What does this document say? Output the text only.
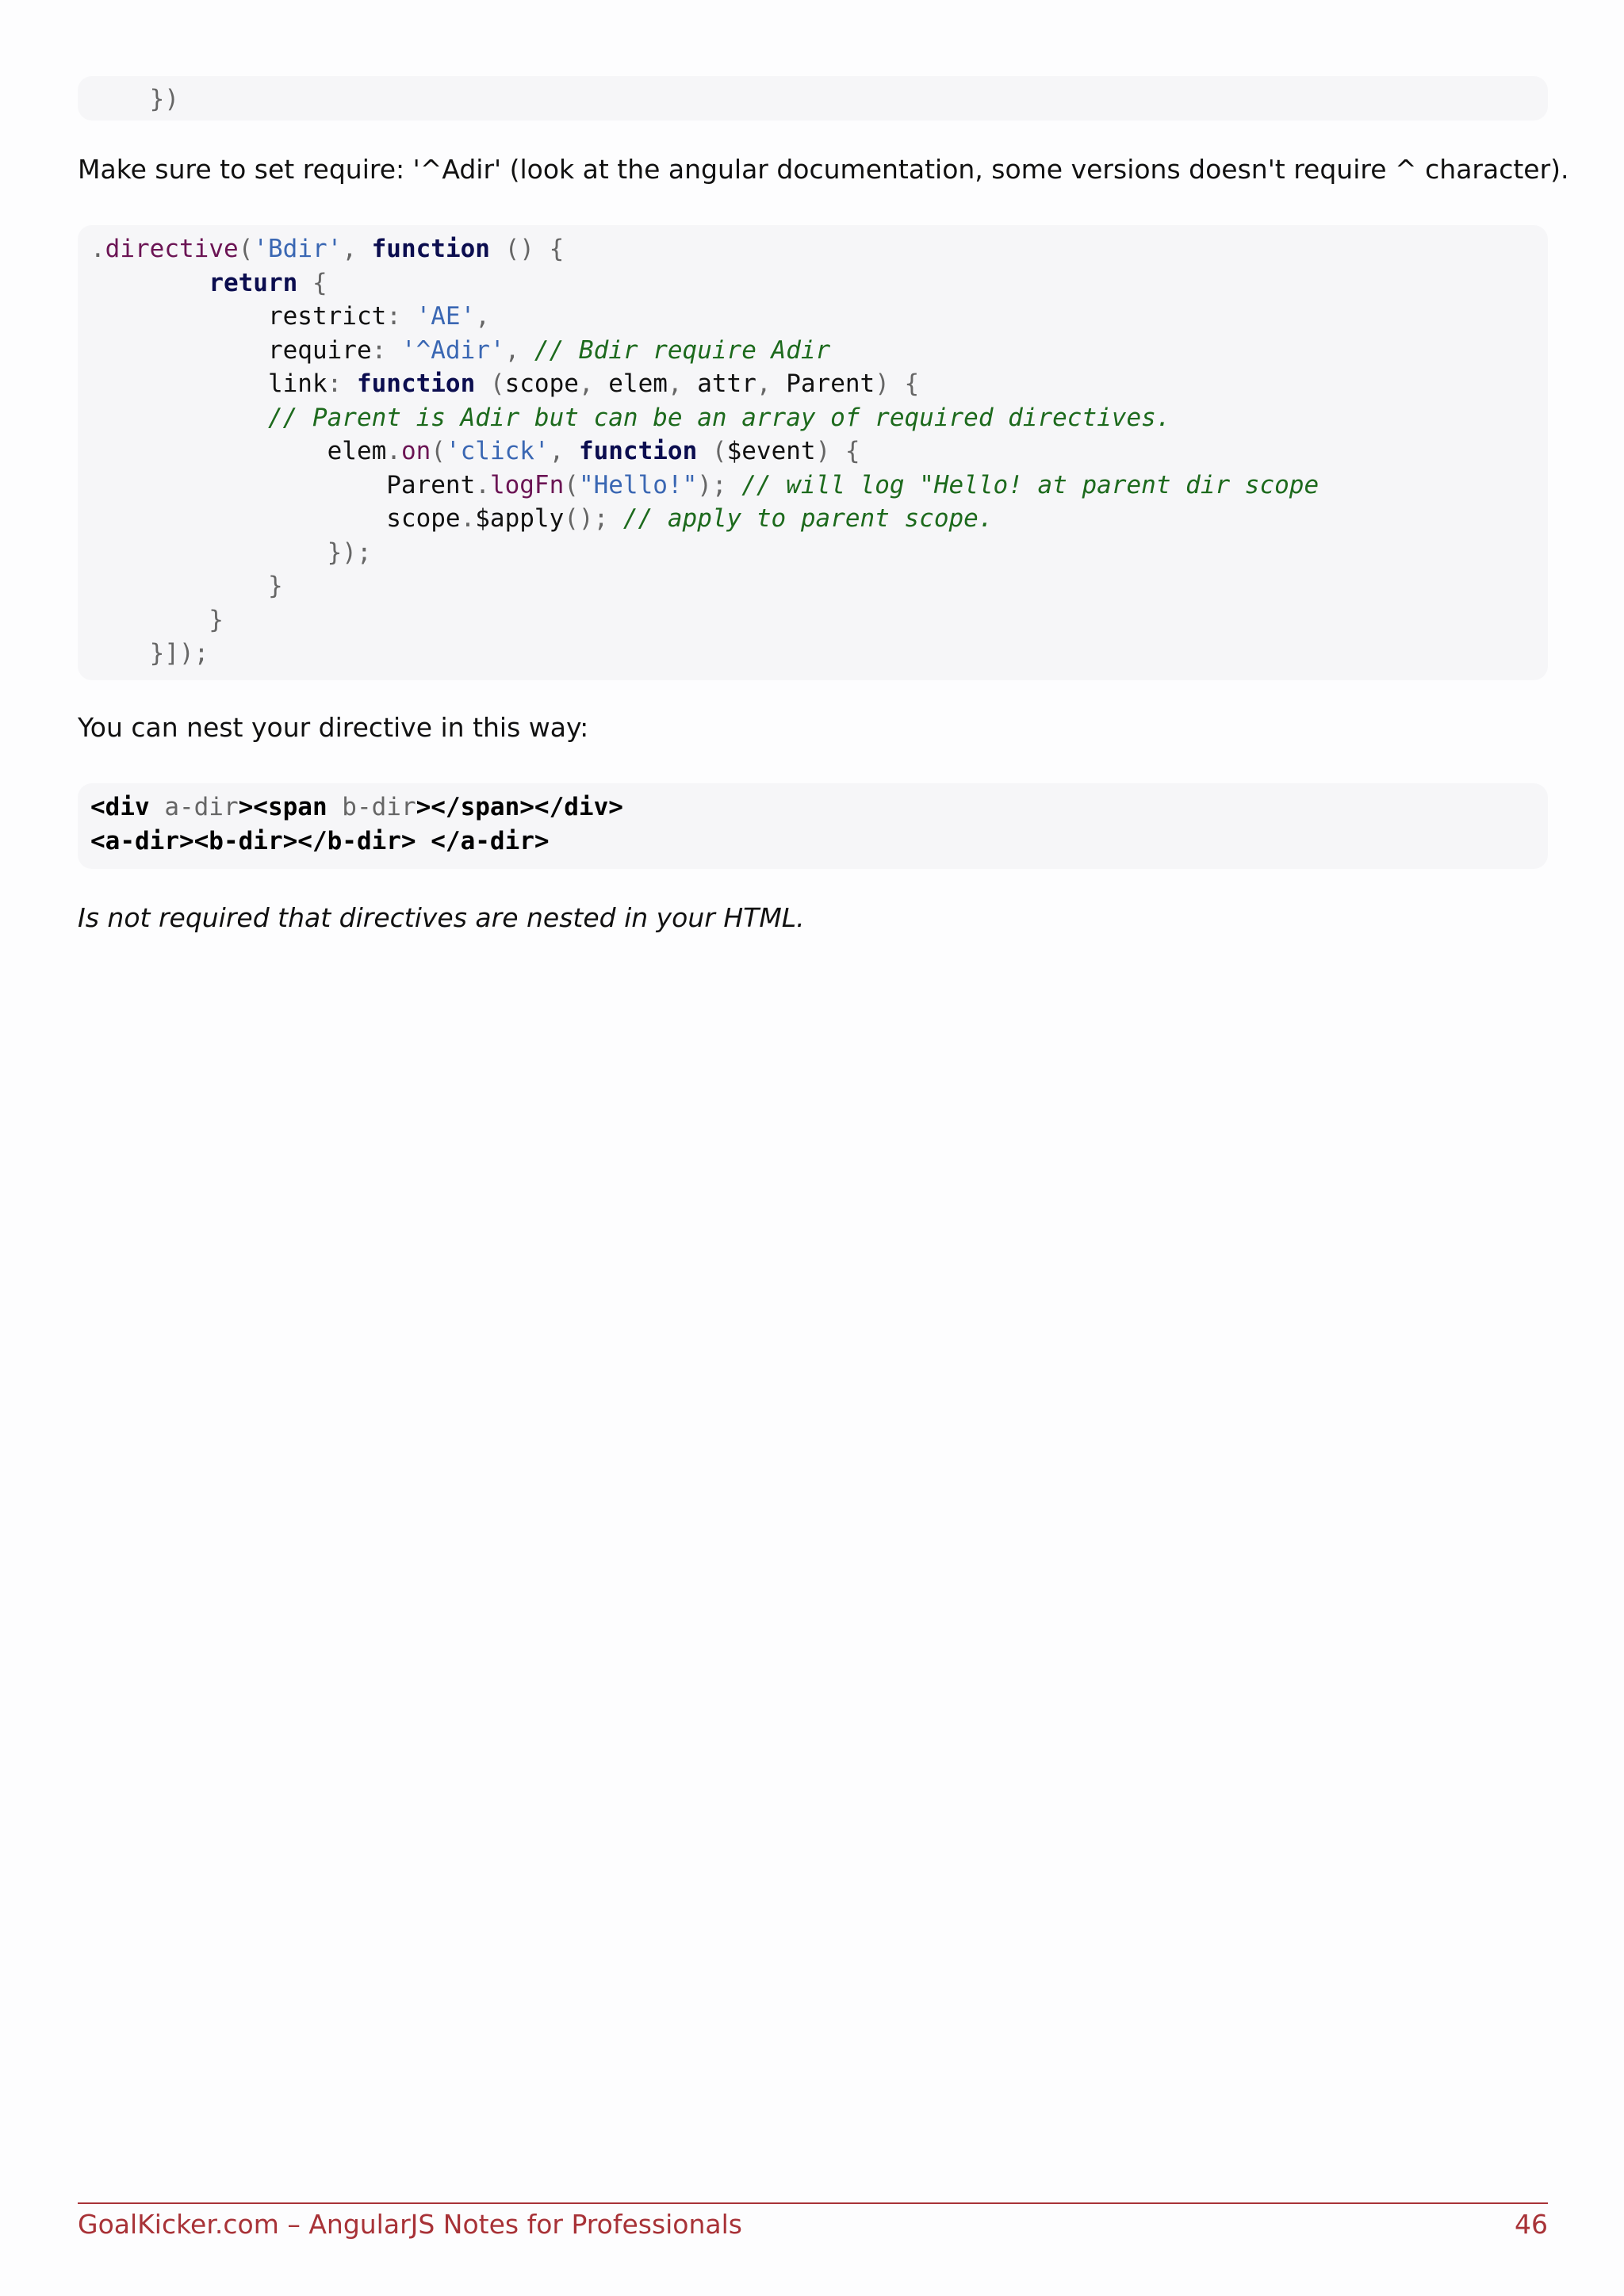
})
Make sure to set require: '^Adir' (look at the angular documentation, some versions doesn't require ^ character).
.directive('Bdir', function () {
return {
restrict: 'AE',
require: '^Adir', // Bdir require Adir
link: function (scope, elem, attr, Parent) {
// Parent is Adir but can be an array of required directives.
elem.on('click', function ($event) {
Parent.logFn("Hello!"); // will log "Hello! at parent dir scope
scope.$apply(); // apply to parent scope.
});
}
}
}]);
You can nest your directive in this way:
<div a-dir><span b-dir></span></div>
<a-dir><b-dir></b-dir> </a-dir>
Is not required that directives are nested in your HTML.
GoalKicker.com – AngularJS Notes for Professionals	46
